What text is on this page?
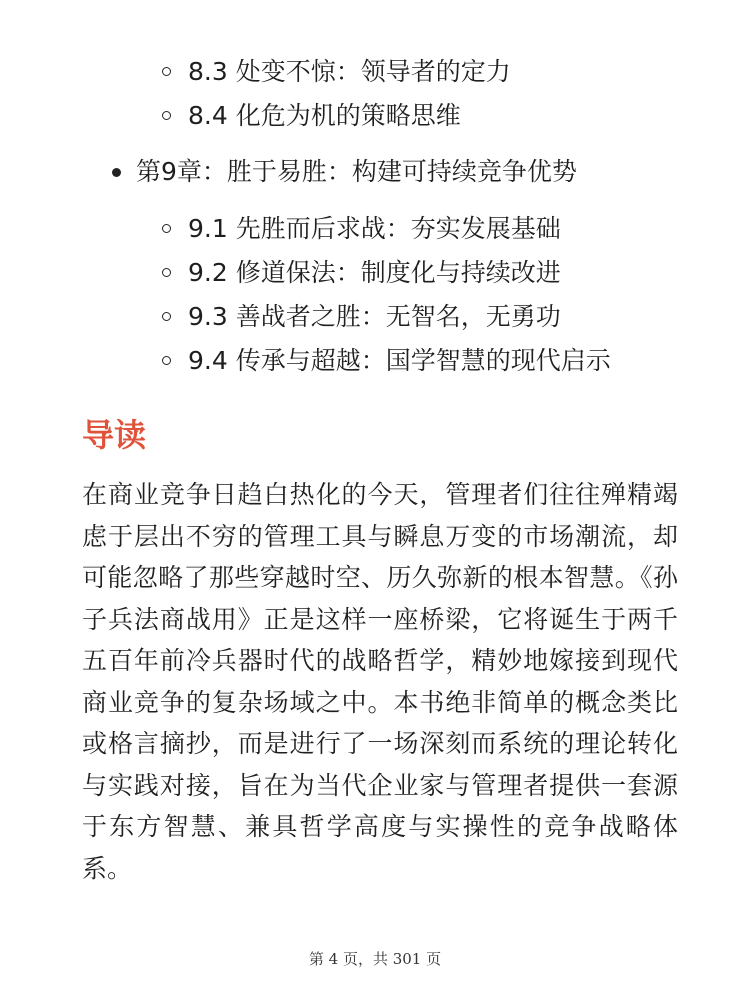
8.3 处变不惊：领导者的定力
8.4 化危为机的策略思维
第9章：胜于易胜：构建可持续竞争优势
9.1 先胜而后求战：夯实发展基础
9.2 修道保法：制度化与持续改进
9.3 善战者之胜：无智名，无勇功
9.4 传承与超越：国学智慧的现代启示
导读

在商业竞争日趋白热化的今天，管理者们往往殚精竭虑于层出不穷的管理工具与瞬息万变的市场潮流，却可能忽略了那些穿越时空、历久弥新的根本智慧。《孙子兵法商战用》正是这样一座桥梁，它将诞生于两千五百年前冷兵器时代的战略哲学，精妙地嫁接到现代商业竞争的复杂场域之中。本书绝非简单的概念类比或格言摘抄，而是进行了一场深刻而系统的理论转化与实践对接，旨在为当代企业家与管理者提供一套源于东方智慧、兼具哲学高度与实操性的竞争战略体系。

第 4 页，共 301 页
